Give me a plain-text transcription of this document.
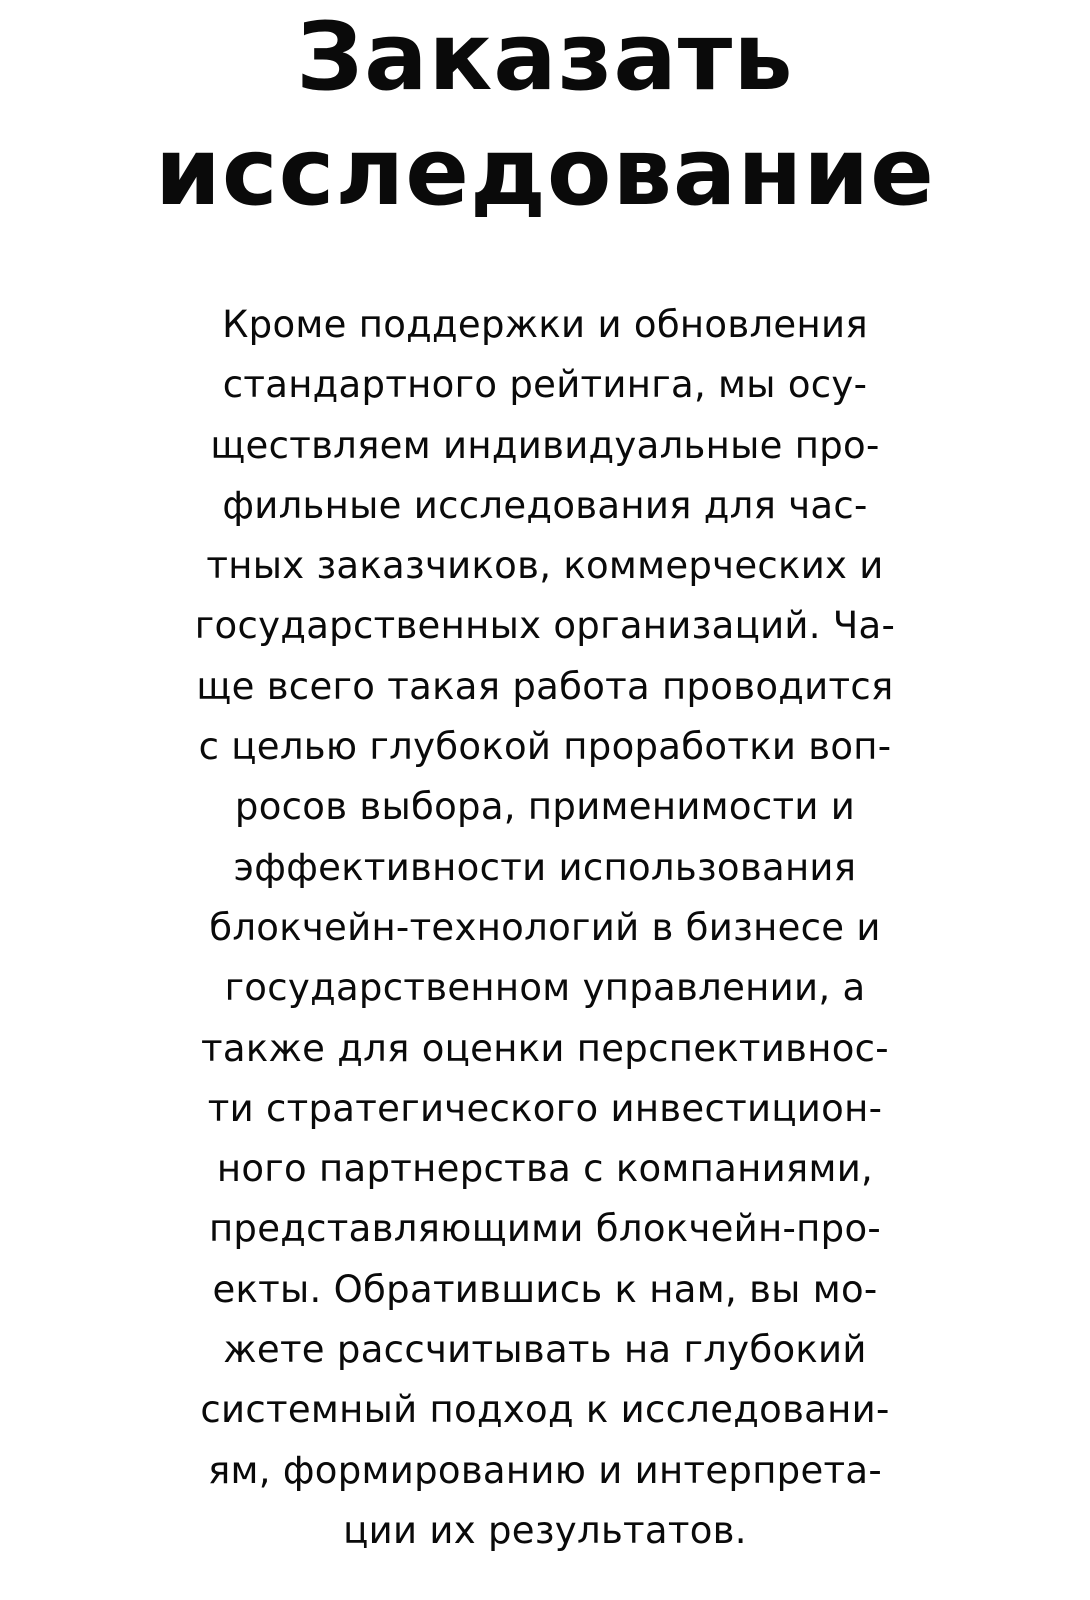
Заказать
исследование

Кроме поддержки и обновления
стандартного рейтинга, мы осу-
ществляем индивидуальные про-
фильные исследования для час-
тных заказчиков, коммерческих и
государственных организаций. Ча-
ще всего такая работа проводится
с целью глубокой проработки воп-
росов выбора, применимости и
эффективности использования
блокчейн-технологий в бизнесе и
государственном управлении, а
также для оценки перспективнос-
ти стратегического инвестицион-
ного партнерства с компаниями,
представляющими блокчейн-про-
екты. Обратившись к нам, вы мо-
жете рассчитывать на глубокий
системный подход к исследовани-
ям, формированию и интерпрета-
ции их результатов.
